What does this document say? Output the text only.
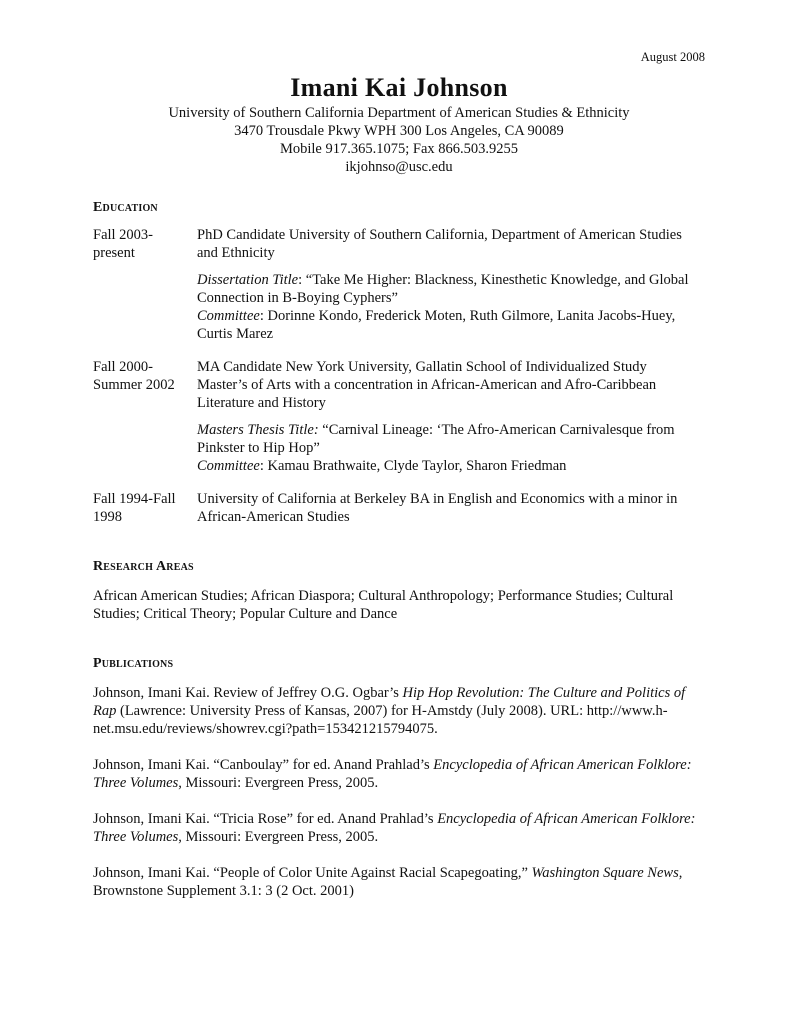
August 2008
Imani Kai Johnson
University of Southern California Department of American Studies & Ethnicity
3470 Trousdale Pkwy WPH 300 Los Angeles, CA 90089
Mobile 917.365.1075; Fax 866.503.9255
ikjohnso@usc.edu
Education
Fall 2003-present

PhD Candidate University of Southern California, Department of American Studies and Ethnicity

Dissertation Title: “Take Me Higher: Blackness, Kinesthetic Knowledge, and Global Connection in B-Boying Cyphers”
Committee: Dorinne Kondo, Frederick Moten, Ruth Gilmore, Lanita Jacobs-Huey, Curtis Marez

Fall 2000-Summer 2002

MA Candidate New York University, Gallatin School of Individualized Study
Master’s of Arts with a concentration in African-American and Afro-Caribbean Literature and History

Masters Thesis Title: “Carnival Lineage: ‘The Afro-American Carnivalesque from Pinkster to Hip Hop”
Committee: Kamau Brathwaite, Clyde Taylor, Sharon Friedman

Fall 1994-Fall 1998

University of California at Berkeley BA in English and Economics with a minor in African-American Studies

Research Areas

African American Studies; African Diaspora; Cultural Anthropology; Performance Studies; Cultural Studies; Critical Theory; Popular Culture and Dance

Publications

Johnson, Imani Kai. Review of Jeffrey O.G. Ogbar’s Hip Hop Revolution: The Culture and Politics of Rap (Lawrence: University Press of Kansas, 2007) for H-Amstdy (July 2008). URL: http://www.h-net.msu.edu/reviews/showrev.cgi?path=153421215794075.

Johnson, Imani Kai. “Canboulay” for ed. Anand Prahlad’s Encyclopedia of African American Folklore: Three Volumes, Missouri: Evergreen Press, 2005.

Johnson, Imani Kai. “Tricia Rose” for ed. Anand Prahlad’s Encyclopedia of African American Folklore: Three Volumes, Missouri: Evergreen Press, 2005.

Johnson, Imani Kai. “People of Color Unite Against Racial Scapegoating,” Washington Square News, Brownstone Supplement 3.1: 3 (2 Oct. 2001)
